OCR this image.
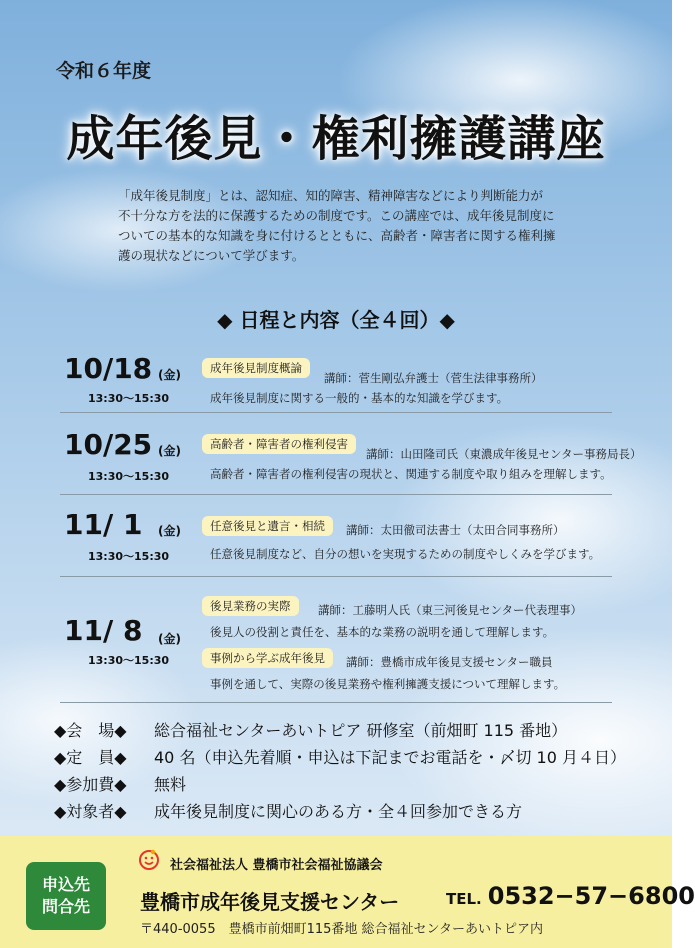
令和６年度
成年後見・権利擁護講座

「成年後見制度」とは、認知症、知的障害、精神障害などにより判断能力が

不十分な方を法的に保護するための制度です。この講座では、成年後見制度に

ついての基本的な知識を身に付けるとともに、高齢者・障害者に関する権利擁

護の現状などについて学びます。

◆ 日程と内容（全４回）◆
10/18 (金)
13:30〜15:30
成年後見制度概論
講師：菅生剛弘弁護士（菅生法律事務所）
成年後見制度に関する一般的・基本的な知識を学びます。
10/25 (金)
13:30〜15:30
高齢者・障害者の権利侵害
講師：山田隆司氏（東濃成年後見センター事務局長）
高齢者・障害者の権利侵害の現状と、関連する制度や取り組みを理解します。
11/ 1 (金)
13:30〜15:30
任意後見と遺言・相続	講師：太田徹司法書士（太田合同事務所）
任意後見制度など、自分の想いを実現するための制度やしくみを学びます。
11/ 8 (金)
13:30〜15:30
後見業務の実際	講師：工藤明人氏（東三河後見センター代表理事）
後見人の役割と責任を、基本的な業務の説明を通して理解します。
事例から学ぶ成年後見	講師：豊橋市成年後見支援センター職員
事例を通して、実際の後見業務や権利擁護支援について理解します。
◆会　場◆ 総合福祉センターあいトピア 研修室（前畑町 115 番地）
◆定　員◆ 40 名（申込先着順・申込は下記までお電話を・〆切 10 月４日）
◆参加費◆ 無料
◆対象者◆ 成年後見制度に関心のある方・全４回参加できる方
申込先
問合先
社会福祉法人 豊橋市社会福祉協議会
豊橋市成年後見支援センター	TEL. 0532−57−6800
〒440-0055　豊橋市前畑町115番地 総合福祉センターあいトピア内
